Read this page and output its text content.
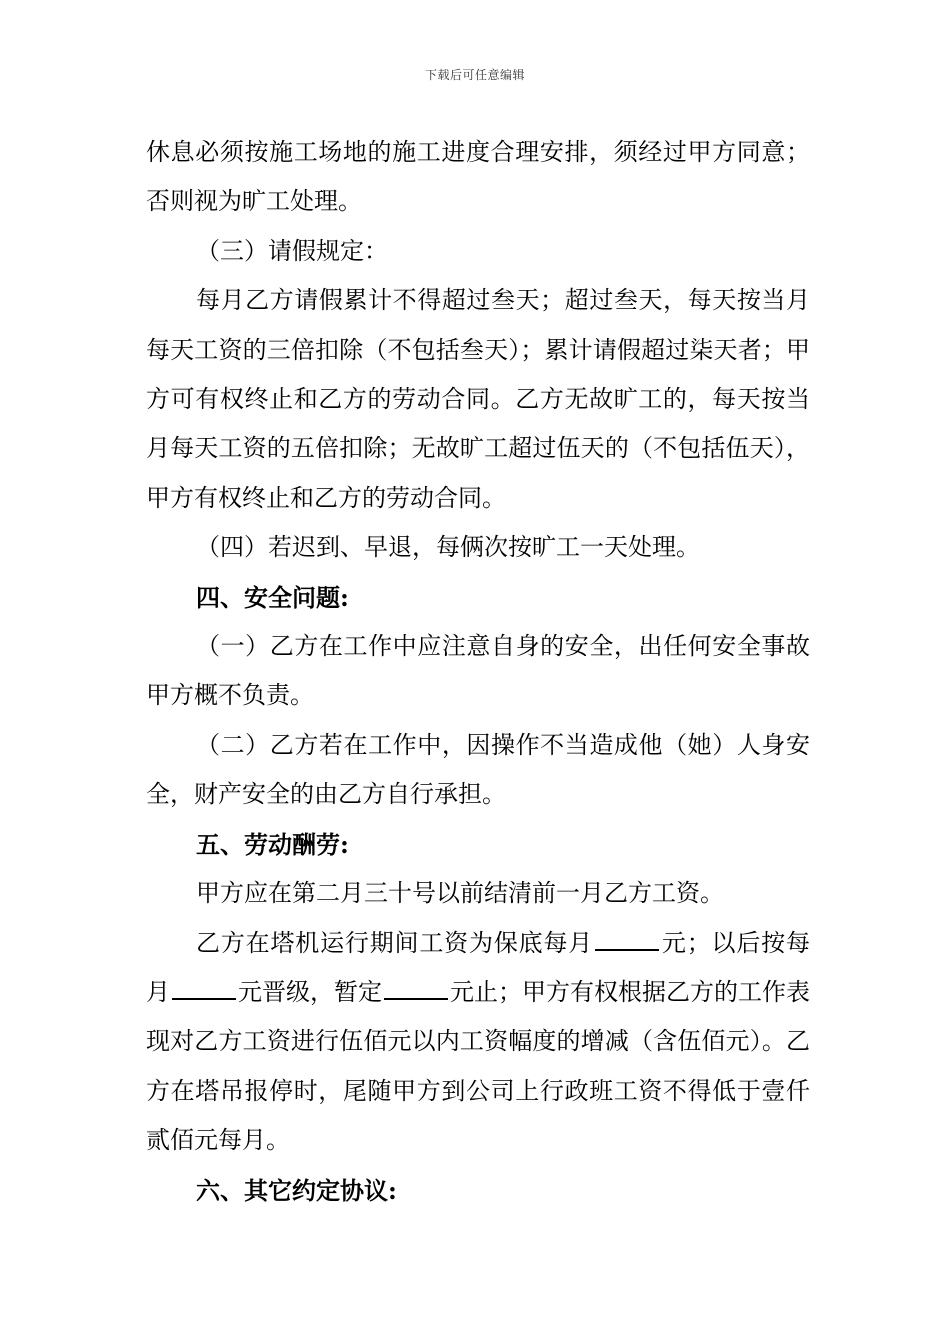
下载后可任意编辑

休息必须按施工场地的施工进度合理安排，须经过甲方同意；否则视为旷工处理。

（三）请假规定：

每月乙方请假累计不得超过叁天；超过叁天，每天按当月每天工资的三倍扣除（不包括叁天）；累计请假超过柒天者；甲方可有权终止和乙方的劳动合同。乙方无故旷工的，每天按当月每天工资的五倍扣除；无故旷工超过伍天的（不包括伍天），甲方有权终止和乙方的劳动合同。

（四）若迟到、早退，每俩次按旷工一天处理。

四、安全问题:

（一）乙方在工作中应注意自身的安全，出任何安全事故甲方概不负责。

（二）乙方若在工作中，因操作不当造成他（她）人身安全，财产安全的由乙方自行承担。

五、劳动酬劳:

甲方应在第二月三十号以前结清前一月乙方工资。

乙方在塔机运行期间工资为保底每月	元；以后按每月	元晋级，暂定	元止；甲方有权根据乙方的工作表现对乙方工资进行伍佰元以内工资幅度的增减（含伍佰元）。乙方在塔吊报停时，尾随甲方到公司上行政班工资不得低于壹仟贰佰元每月。

六、其它约定协议:
